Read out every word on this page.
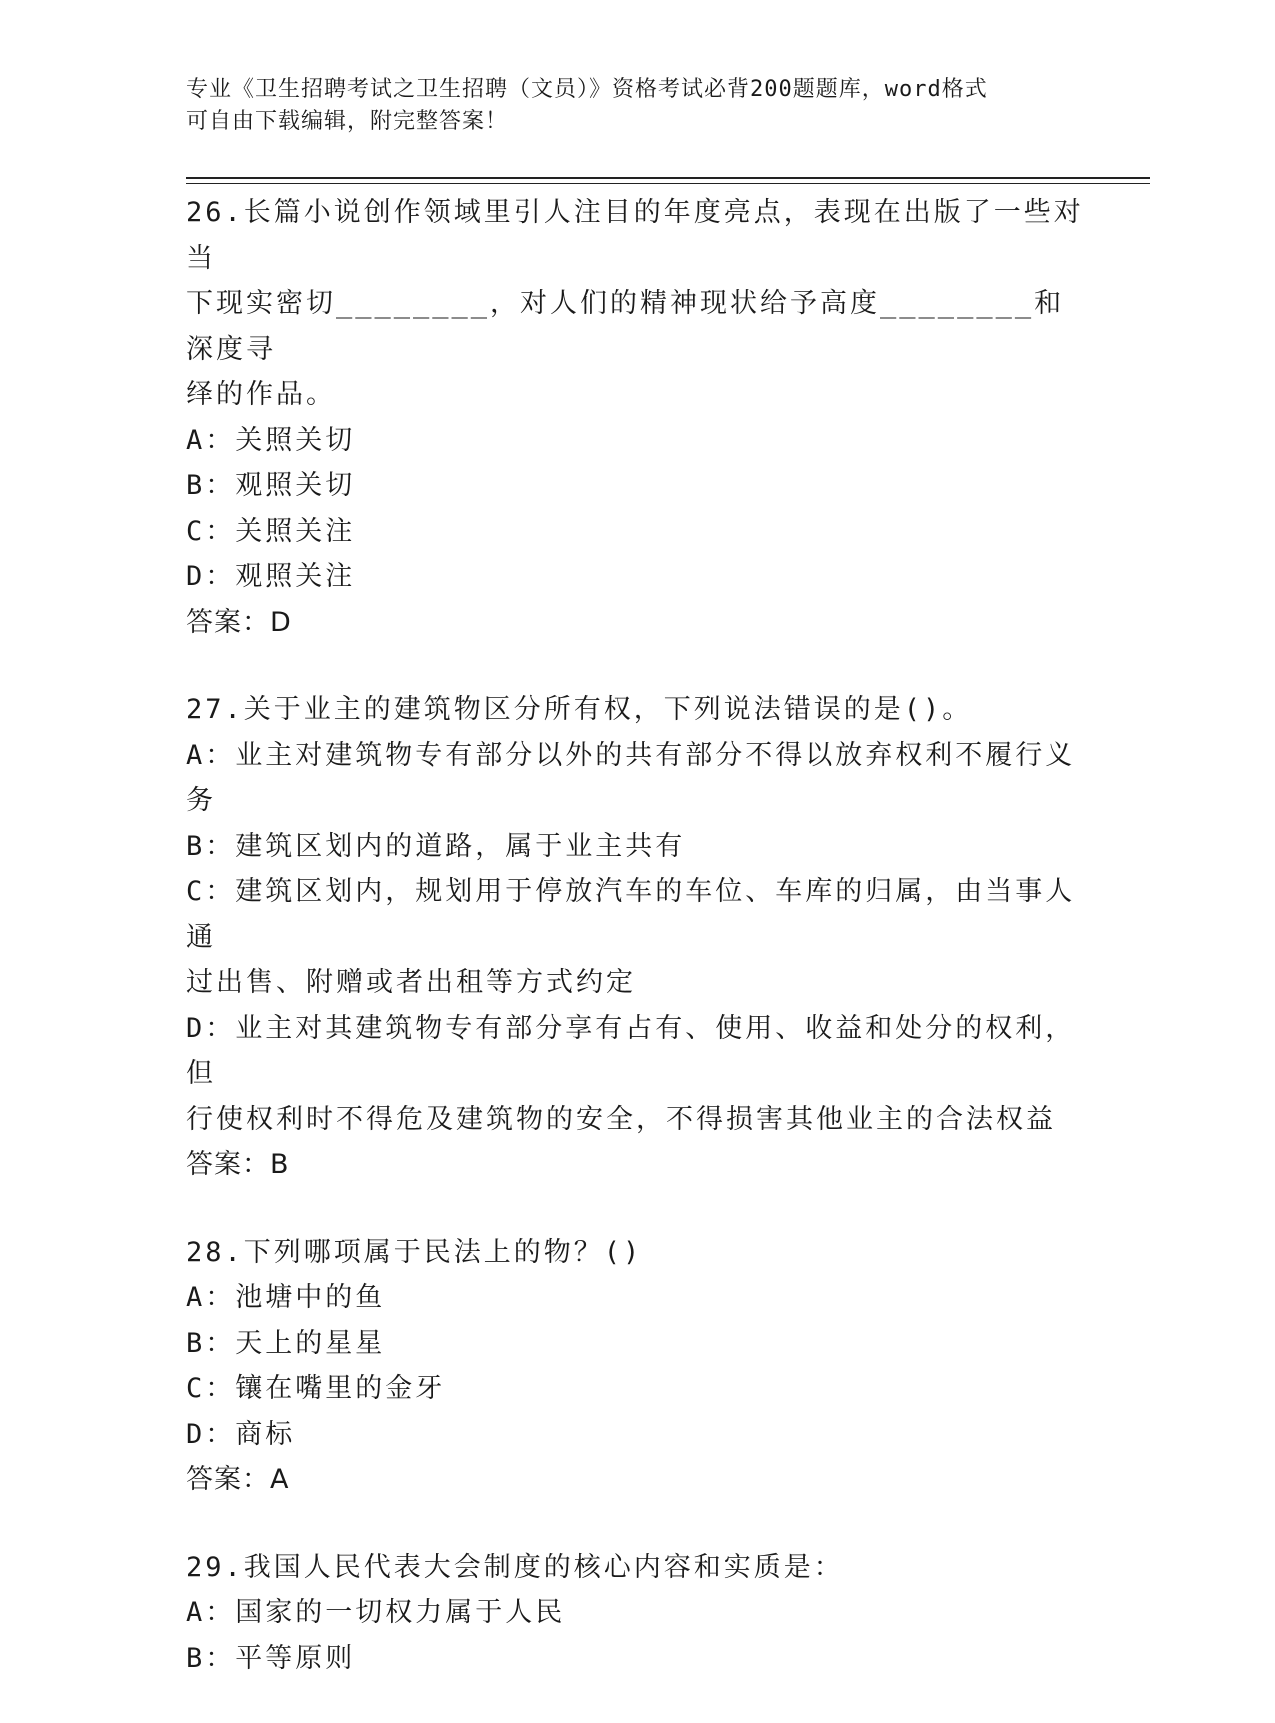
专业《卫生招聘考试之卫生招聘（文员）》资格考试必背200题题库，word格式
可自由下载编辑，附完整答案！

26.长篇小说创作领域里引人注目的年度亮点，表现在出版了一些对当

下现实密切________，对人们的精神现状给予高度________和深度寻

绎的作品。

A：关照关切

B：观照关切

C：关照关注

D：观照关注

答案：D

27.关于业主的建筑物区分所有权，下列说法错误的是()。

A：业主对建筑物专有部分以外的共有部分不得以放弃权利不履行义务

B：建筑区划内的道路，属于业主共有

C：建筑区划内，规划用于停放汽车的车位、车库的归属，由当事人通

过出售、附赠或者出租等方式约定

D：业主对其建筑物专有部分享有占有、使用、收益和处分的权利，但

行使权利时不得危及建筑物的安全，不得损害其他业主的合法权益

答案：B

28.下列哪项属于民法上的物？()

A：池塘中的鱼

B：天上的星星

C：镶在嘴里的金牙

D：商标

答案：A

29.我国人民代表大会制度的核心内容和实质是：

A：国家的一切权力属于人民

B：平等原则
